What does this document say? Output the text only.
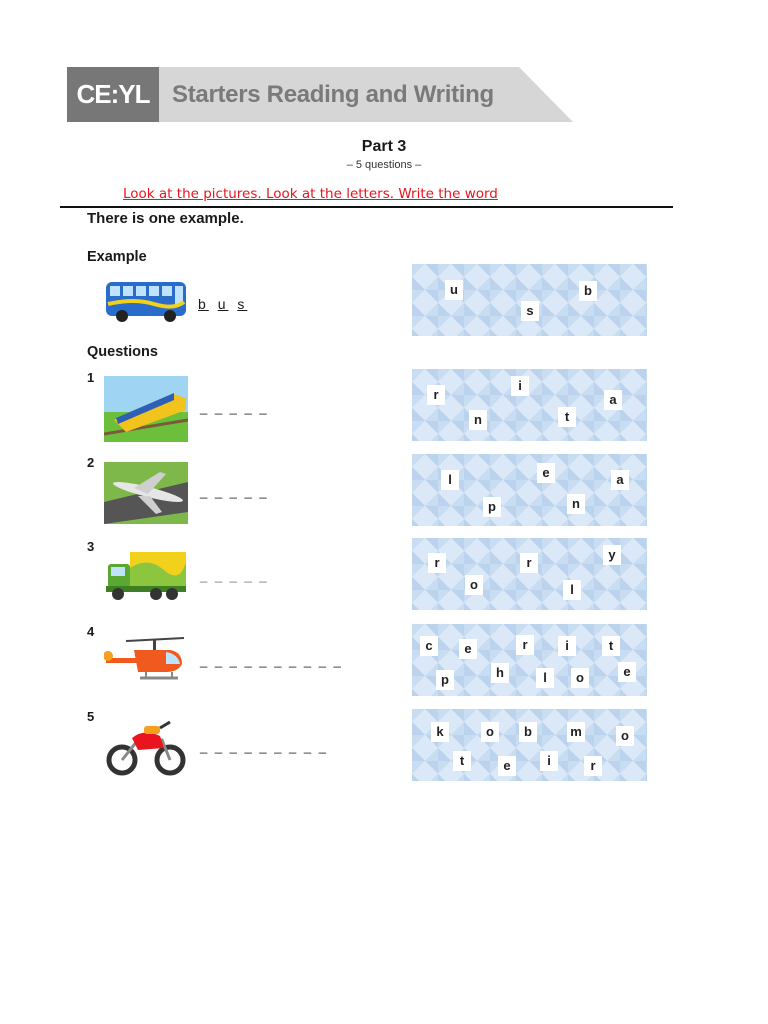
CE:YL Starters Reading and Writing
Part 3
– 5 questions –
Look at the pictures. Look at the letters. Write the word
There is one example.
Example
b u s
u	b
s
Questions
1
_ _ _ _ _
r
i
a
n	t
2
_ _ _ _ _
l	e	a
p	n
3
_ _ _ _ _
r	r
y
o	l
4
_ _ _ _ _ _ _ _ _ _
c	e	r	i	t
p	h	l	o	e
5
_ _ _ _ _ _ _ _ _
k	o	b	m	o
t	e	i	r
